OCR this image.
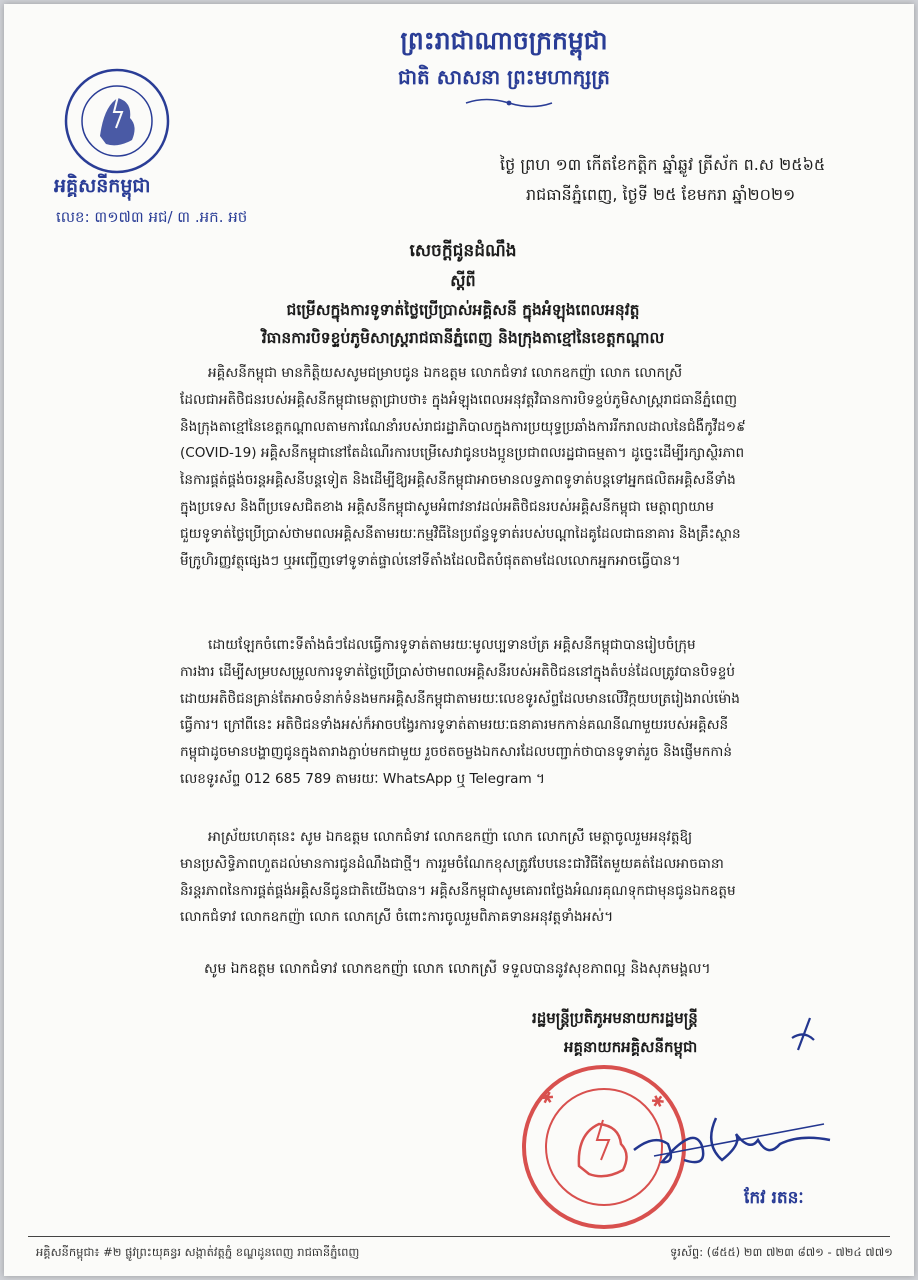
ព្រះរាជាណាចក្រកម្ពុជា
ជាតិ សាសនា ព្រះមហាក្សត្រ
អគ្គិសនីកម្ពុជា
លេខ: ៣១៧៣ អជ/ ៣ .អក. អថ
ថ្ងៃ ព្រហ ១៣ កើតខែកត្ដិក ឆ្នាំឆ្លូវ ត្រីស័ក ព.ស ២៥៦៥
រាជធានីភ្នំពេញ, ថ្ងៃទី ២៥ ខែមករា ឆ្នាំ២០២១
សេចក្ដីជូនដំណឹង
ស្ដីពី
ជម្រើសក្នុងការទូទាត់ថ្លៃប្រើប្រាស់អគ្គិសនី ក្នុងអំឡុងពេលអនុវត្ត
វិធានការបិទខ្ទប់ភូមិសាស្ត្ររាជធានីភ្នំពេញ និងក្រុងតាខ្មៅនៃខេត្តកណ្ដាល
អគ្គិសនីកម្ពុជា មានកិត្តិយសសូមជម្រាបជូន ឯកឧត្តម លោកជំទាវ លោកឧកញ៉ា លោក លោកស្រី
ដែលជាអតិថិជនរបស់អគ្គិសនីកម្ពុជាមេត្តាជ្រាបថា៖ ក្នុងអំឡុងពេលអនុវត្តវិធានការបិទខ្ទប់ភូមិសាស្ត្ររាជធានីភ្នំពេញ
និងក្រុងតាខ្មៅនៃខេត្តកណ្ដាលតាមការណែនាំរបស់រាជរដ្ឋាភិបាលក្នុងការប្រយុទ្ធប្រឆាំងការរីករាលដាលនៃជំងឺកូវីដ១៩
(COVID-19) អគ្គិសនីកម្ពុជានៅតែដំណើរការបម្រើសេវាជូនបងប្អូនប្រជាពលរដ្ឋជាធម្មតា។ ដូច្នេះដើម្បីរក្សាស្ថិរភាព
នៃការផ្គត់ផ្គង់ចរន្តអគ្គិសនីបន្តទៀត និងដើម្បីឱ្យអគ្គិសនីកម្ពុជាអាចមានលទ្ធភាពទូទាត់បន្តទៅអ្នកផលិតអគ្គិសនីទាំង
ក្នុងប្រទេស និងពីប្រទេសជិតខាង អគ្គិសនីកម្ពុជាសូមអំពាវនាវដល់អតិថិជនរបស់អគ្គិសនីកម្ពុជា មេត្តាព្យាយាម
ជួយទូទាត់ថ្លៃប្រើប្រាស់ថាមពលអគ្គិសនីតាមរយៈកម្មវិធីនៃប្រព័ន្ធទូទាត់របស់បណ្ដាដៃគូដែលជាធនាគារ និងគ្រឹះស្ថាន
មីក្រូហិរញ្ញវត្ថុផ្សេងៗ ឬអញ្ជើញទៅទូទាត់ផ្ទាល់នៅទីតាំងដែលជិតបំផុតតាមដែលលោកអ្នកអាចធ្វើបាន។
ដោយឡែកចំពោះទីតាំងធំៗដែលធ្វើការទូទាត់តាមរយៈមូលប្បទានប័ត្រ អគ្គិសនីកម្ពុជាបានរៀបចំក្រុម
ការងារ ដើម្បីសម្របសម្រួលការទូទាត់ថ្លៃប្រើប្រាស់ថាមពលអគ្គិសនីរបស់អតិថិជននៅក្នុងតំបន់ដែលត្រូវបានបិទខ្ទប់
ដោយអតិថិជនគ្រាន់តែអាចទំនាក់ទំនងមកអគ្គិសនីកម្ពុជាតាមរយៈលេខទូរស័ព្ទដែលមានលើវិក្កយបត្ររៀងរាល់ម៉ោង
ធ្វើការ។ ក្រៅពីនេះ អតិថិជនទាំងអស់ក៏អាចបង្វែរការទូទាត់តាមរយៈធនាគារមកកាន់គណនីណាមួយរបស់អគ្គិសនី
កម្ពុជាដូចមានបង្ហាញជូនក្នុងតារាងភ្ជាប់មកជាមួយ រួចថតចម្លងឯកសារដែលបញ្ជាក់ថាបានទូទាត់រួច និងផ្ញើមកកាន់
លេខទូរស័ព្ទ 012 685 789 តាមរយៈ WhatsApp ឬ Telegram ។
អាស្រ័យហេតុនេះ សូម ឯកឧត្តម លោកជំទាវ លោកឧកញ៉ា លោក លោកស្រី មេត្តាចូលរួមអនុវត្តឱ្យ
មានប្រសិទ្ធិភាពហួតដល់មានការជូនដំណឹងជាថ្មី។ ការរួមចំណែកខុសត្រូវបែបនេះជាវិធីតែមួយគត់ដែលអាចធានា
និរន្តរភាពនៃការផ្គត់ផ្គង់អគ្គិសនីជូនជាតិយើងបាន។ អគ្គិសនីកម្ពុជាសូមគោរពថ្លែងអំណរគុណទុកជាមុនជូនឯកឧត្តម
លោកជំទាវ លោកឧកញ៉ា លោក លោកស្រី ចំពោះការចូលរួមពិភាគទានអនុវត្តទាំងអស់។
សូម ឯកឧត្តម លោកជំទាវ លោកឧកញ៉ា លោក លោកស្រី ទទួលបាននូវសុខភាពល្អ និងសុភមង្គល។
រដ្ឋមន្ត្រីប្រតិភូអមនាយករដ្ឋមន្ត្រី
អគ្គនាយកអគ្គិសនីកម្ពុជា
✱	✱
កែវ រតនៈ
អគ្គិសនីកម្ពុជា៖ #២ ផ្លូវព្រះយុគន្ធរ សង្កាត់វត្តភ្នំ ខណ្ឌដូនពេញ រាជធានីភ្នំពេញ	ទូរស័ព្ទ: (៨៥៥) ២៣ ៧២៣ ៨៧១ - ៧២៤ ៧៧១
